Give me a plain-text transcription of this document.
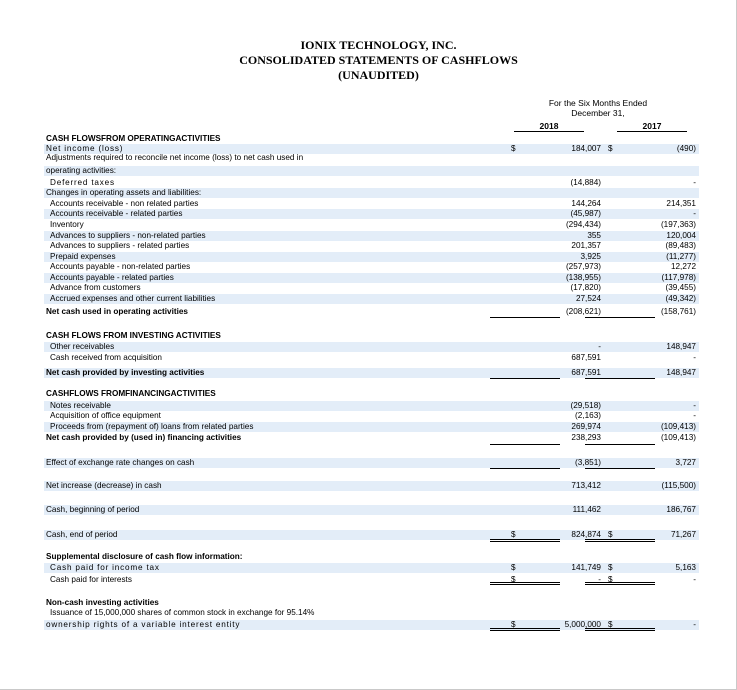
IONIX TECHNOLOGY, INC.
CONSOLIDATED STATEMENTS OF CASHFLOWS
(UNAUDITED)
For the Six Months Ended
December 31,
2018	2017
CASH FLOWSFROM OPERATINGACTIVITIES
Net income (loss)	$	184,007 $	(490)
Adjustments required to reconcile net income (loss) to net cash used in
operating activities:
Deferred taxes	(14,884)	-
Changes in operating assets and liabilities:
Accounts receivable - non related parties	144,264	214,351
Accounts receivable - related parties	(45,987)	-
Inventory	(294,434)	(197,363)
Advances to suppliers - non-related parties	355	120,004
Advances to suppliers - related parties	201,357	(89,483)
Prepaid expenses	3,925	(11,277)
Accounts payable - non-related parties	(257,973)	12,272
Accounts payable - related parties	(138,955)	(117,978)
Advance from customers	(17,820)	(39,455)
Accrued expenses and other current liabilities	27,524	(49,342)
Net cash used in operating activities	(208,621)	(158,761)
CASH FLOWS FROM INVESTING ACTIVITIES
Other receivables	-	148,947
Cash received from acquisition	687,591	-
Net cash provided by investing activities	687,591	148,947
CASHFLOWS FROMFINANCINGACTIVITIES
Notes receivable	(29,518)	-
Acquisition of office equipment	(2,163)	-
Proceeds from (repayment of) loans from related parties	269,974	(109,413)
Net cash provided by (used in) financing activities	238,293	(109,413)
Effect of exchange rate changes on cash	(3,851)	3,727
Net increase (decrease) in cash	713,412	(115,500)
Cash, beginning of period	111,462	186,767
Cash, end of period	$	824,874 $	71,267
Supplemental disclosure of cash flow information:
Cash paid for income tax	$	141,749 $	5,163
Cash paid for interests	$	- $	-
Non-cash investing activities
Issuance of 15,000,000 shares of common stock in exchange for 95.14%
ownership rights of a variable interest entity	$	5,000,000 $	-
